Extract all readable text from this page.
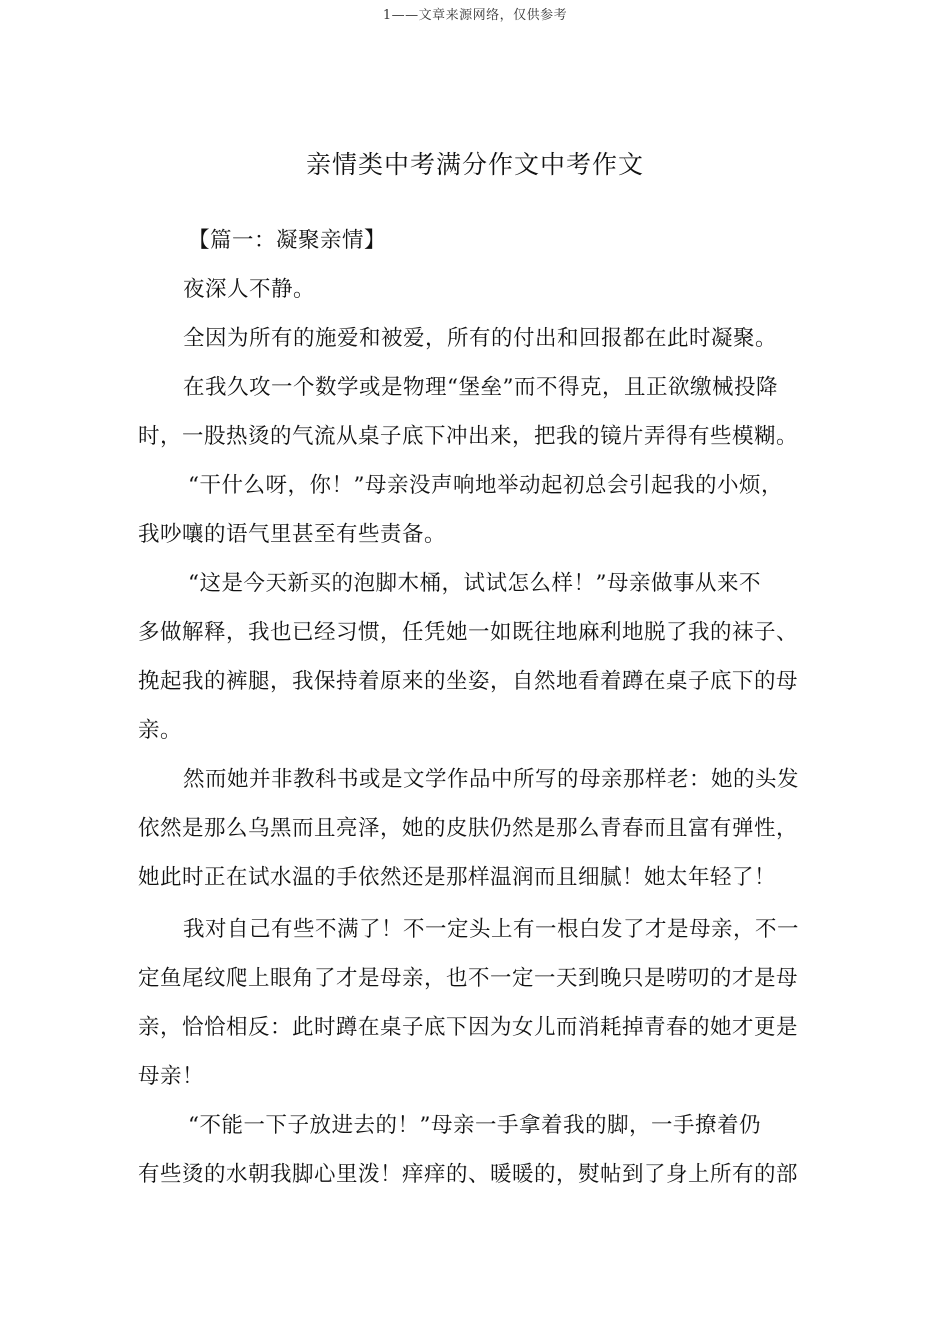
1——文章来源网络，仅供参考
亲情类中考满分作文中考作文
【篇一：凝聚亲情】
夜深人不静。
全因为所有的施爱和被爱，所有的付出和回报都在此时凝聚。
在我久攻一个数学或是物理“堡垒”而不得克，且正欲缴械投降
时，一股热烫的气流从桌子底下冲出来，把我的镜片弄得有些模糊。
“干什么呀，你！”母亲没声响地举动起初总会引起我的小烦，
我吵嚷的语气里甚至有些责备。
“这是今天新买的泡脚木桶，试试怎么样！”母亲做事从来不
多做解释，我也已经习惯，任凭她一如既往地麻利地脱了我的袜子、
挽起我的裤腿，我保持着原来的坐姿，自然地看着蹲在桌子底下的母
亲。
然而她并非教科书或是文学作品中所写的母亲那样老：她的头发
依然是那么乌黑而且亮泽，她的皮肤仍然是那么青春而且富有弹性，
她此时正在试水温的手依然还是那样温润而且细腻！她太年轻了！
我对自己有些不满了！不一定头上有一根白发了才是母亲，不一
定鱼尾纹爬上眼角了才是母亲，也不一定一天到晚只是唠叨的才是母
亲，恰恰相反：此时蹲在桌子底下因为女儿而消耗掉青春的她才更是
母亲！
“不能一下子放进去的！”母亲一手拿着我的脚，一手撩着仍
有些烫的水朝我脚心里泼！痒痒的、暖暖的，熨帖到了身上所有的部
